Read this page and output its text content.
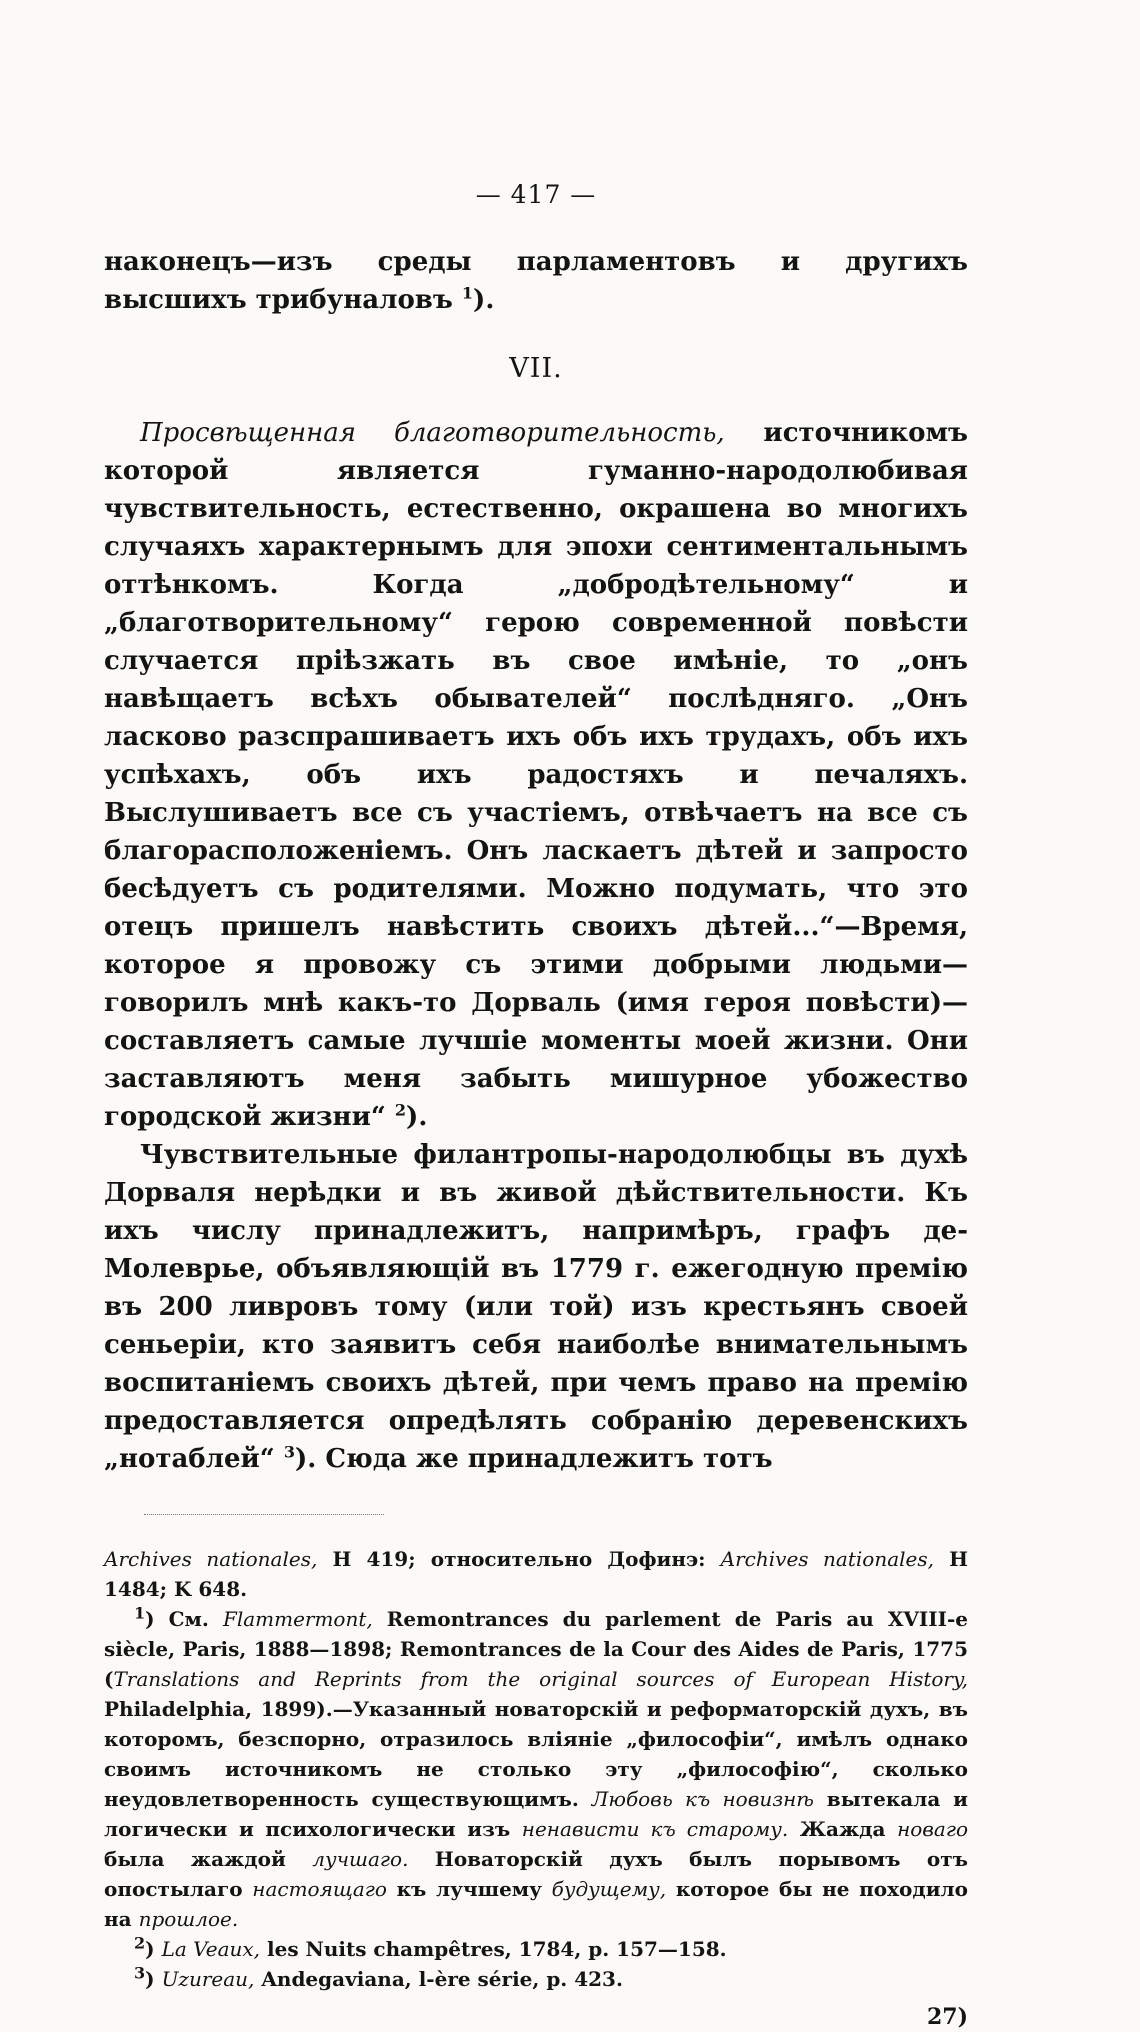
— 417 —

наконецъ—изъ среды парламентовъ и другихъ высшихъ трибуналовъ $^1$).

VII.

Просвѣщенная благотворительность, источникомъ которой является гуманно-народолюбивая чувствительность, естественно, окрашена во многихъ случаяхъ характернымъ для эпохи сентиментальнымъ оттѣнкомъ. Когда „добродѣтельному“ и „благотворительному“ герою современной повѣсти случается пріѣзжать въ свое имѣніе, то „онъ навѣщаетъ всѣхъ обывателей“ послѣдняго. „Онъ ласково разспрашиваетъ ихъ объ ихъ трудахъ, объ ихъ успѣхахъ, объ ихъ радостяхъ и печаляхъ. Выслушиваетъ все съ участіемъ, отвѣчаетъ на все съ благорасположеніемъ. Онъ ласкаетъ дѣтей и запросто бесѣдуетъ съ родителями. Можно подумать, что это отецъ пришелъ навѣстить своихъ дѣтей...“—Время, которое я провожу съ этими добрыми людьми—говорилъ мнѣ какъ-то Дорваль (имя героя повѣсти)—составляетъ самые лучшіе моменты моей жизни. Они заставляютъ меня забыть мишурное убожество городской жизни“ $^2$).

Чувствительные филантропы-народолюбцы въ духѣ Дорваля нерѣдки и въ живой дѣйствительности. Къ ихъ числу принадлежитъ, напримѣръ, графъ де-Молеврье, объявляющій въ 1779 г. ежегодную премію въ 200 ливровъ тому (или той) изъ крестьянъ своей сеньеріи, кто заявитъ себя наиболѣе внимательнымъ воспитаніемъ своихъ дѣтей, при чемъ право на премію предоставляется опредѣлять собранію деревенскихъ „нотаблей“ $^3$). Сюда же принадлежитъ тотъ

Archives nationales, H 419; относительно Дофинэ: Archives nationales, H 1484; K 648.

$^1$) См. Flammermont, Remontrances du parlement de Paris au XVIII-e siècle, Paris, 1888—1898; Remontrances de la Cour des Aides de Paris, 1775 (Translations and Reprints from the original sources of European History, Philadelphia, 1899).—Указанный новаторскій и реформаторскій духъ, въ которомъ, безспорно, отразилось вліяніе „философіи“, имѣлъ однако своимъ источникомъ не столько эту „философію“, сколько неудовлетворенность существующимъ. Любовь къ новизнѣ вытекала и логически и психологически изъ ненависти къ старому. Жажда новаго была жаждой лучшаго. Новаторскій духъ былъ порывомъ отъ опостылаго настоящаго къ лучшему будущему, которое бы не походило на прошлое.

$^2$) La Veaux, les Nuits champêtres, 1784, p. 157—158.

$^3$) Uzureau, Andegaviana, l-ère série, p. 423.

27)
